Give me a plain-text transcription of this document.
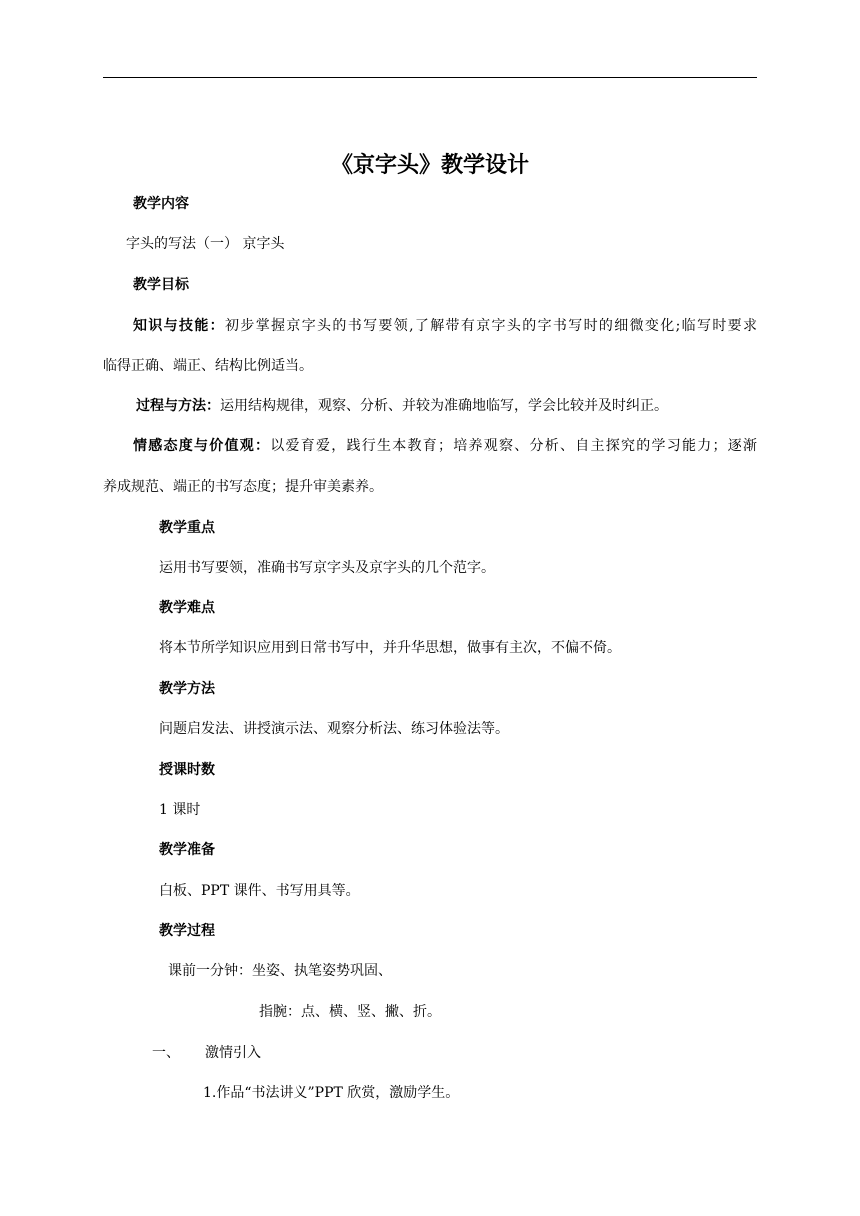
《京字头》教学设计
教学内容
字头的写法（一） 京字头
教学目标
知识与技能：初步掌握京字头的书写要领,了解带有京字头的字书写时的细微变化;临写时要求
临得正确、端正、结构比例适当。
过程与方法：运用结构规律，观察、分析、并较为准确地临写，学会比较并及时纠正。
情感态度与价值观：以爱育爱，践行生本教育；培养观察、分析、自主探究的学习能力；逐渐
养成规范、端正的书写态度；提升审美素养。
教学重点
运用书写要领，准确书写京字头及京字头的几个范字。
教学难点
将本节所学知识应用到日常书写中，并升华思想，做事有主次，不偏不倚。
教学方法
问题启发法、讲授演示法、观察分析法、练习体验法等。
授课时数
1 课时
教学准备
白板、PPT 课件、书写用具等。
教学过程
课前一分钟：坐姿、执笔姿势巩固、
指腕：点、横、竖、撇、折。
一、 激情引入
1.作品“书法讲义”PPT 欣赏，激励学生。
